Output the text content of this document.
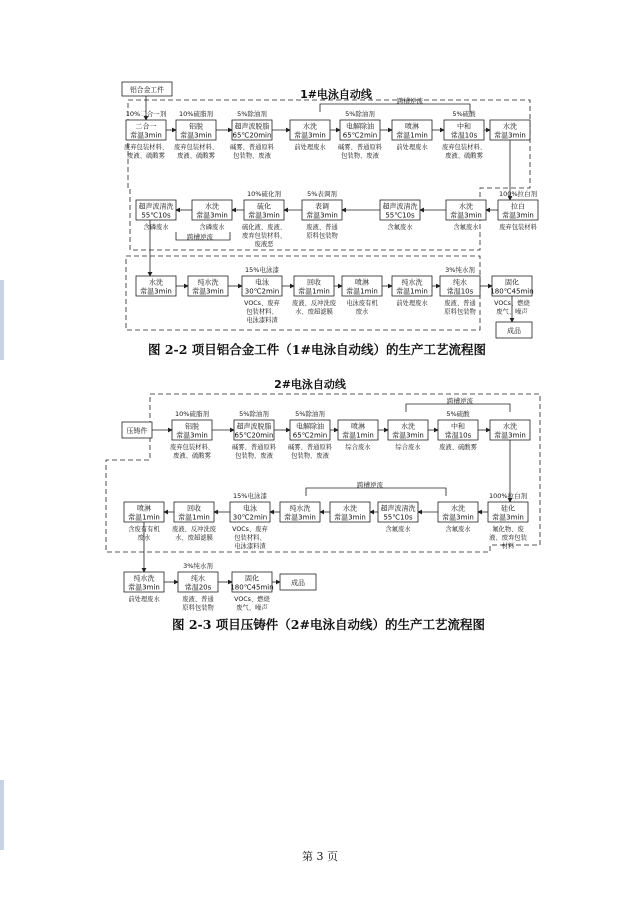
1#电泳自动线
铝合金工件
二合一
常温3min
10%二合一剂
废弃包装材料、
废液、硫酸雾
铝脱
常温3min
10%硫脂剂
废弃包装材料、
废液、硫酸雾
超声波脱脂
65℃20min
5%除油剂
碱雾、普通原料
包装物、废液
水洗
常温3min
前处理废水
电解除油
65℃2min
5%除油剂
碱雾、普通原料
包装物、废液
喷淋
常温1min
前处理废水
中和
常温10s
5%硫酸
废弃包装材料、
废液、硫酸雾
水洗
常温3min
跨槽逆流
拉白
常温3min
100%拉白剂
废弃包装材料
水洗
常温3min
含氟废水
超声波清洗
55℃10s
含氟废水
表调
常温3min
5%表调剂
废液、普通
原料包装物
硫化
常温3min
10%硫化剂
硫化液、废液、
废弃包装材料、
废液恶
水洗
常温3min
含磷废水
超声波清洗
55℃10s
含磷废水
跨槽逆流
水洗
常温3min
纯水洗
常温3min
电泳
30℃2min
15%电泳漆
VOCs、废弃
包装材料、
电泳漆料渣
回收
常温1min
废液、反冲洗废
水、废超滤膜
喷淋
常温1min
电泳废有机
废水
纯水洗
常温1min
前处理废水
纯水
常温10s
3%纯水剂
废液、普通
原料包装物
固化
180℃45min
VOCs、燃烧
废气、噪声
成品
2#电泳自动线
压铸件
铝脱
常温3min
10%硫脂剂
废弃包装材料、
废液、硫酸雾
超声波脱脂
65℃20min
5%除油剂
碱雾、普通原料
包装物、废液
电解除油
65℃2min
5%除油剂
碱雾、普通原料
包装物、废液
喷淋
常温1min
综合废水
水洗
常温3min
综合废水
中和
常温10s
5%硫酸
废液、硫酸雾
水洗
常温3min
跨槽逆流
硅化
常温3min
100%拉白剂
氟化物、废
液、废弃包装
材料
水洗
常温3min
含氟废水
超声波清洗
55℃10s
含氟废水
水洗
常温3min
纯水洗
常温3min
电泳
30℃2min
15%电泳漆
VOCs、废弃
包装材料、
电泳漆料渣
回收
常温1min
废液、反冲洗废
水、废超滤膜
喷淋
常温1min
含废有有机
废水
跨槽逆流
纯水洗
常温3min
前处理废水
纯水
常温20s
3%纯水剂
废液、普通
原料包装物
固化
180℃45min
VOCs、燃烧
废气、噪声
成品
图 2-2 项目铝合金工件（1#电泳自动线）的生产工艺流程图
图 2-3 项目压铸件（2#电泳自动线）的生产工艺流程图
第 3 页
